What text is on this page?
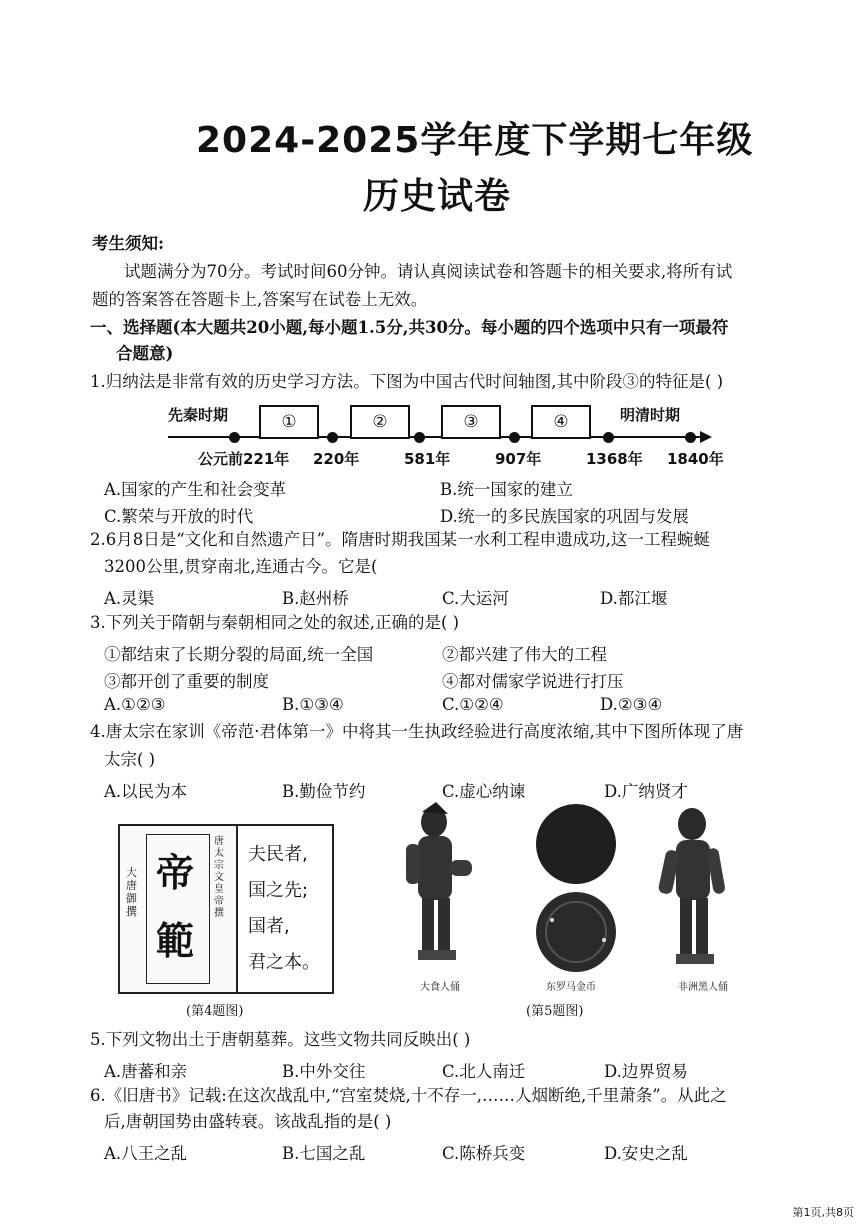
2024-2025学年度下学期七年级
历史试卷
考生须知:
试题满分为70分。考试时间60分钟。请认真阅读试卷和答题卡的相关要求,将所有试
题的答案答在答题卡上,答案写在试卷上无效。
一、选择题(本大题共20小题,每小题1.5分,共30分。每小题的四个选项中只有一项最符
合题意)
1.归纳法是非常有效的历史学习方法。下图为中国古代时间轴图,其中阶段③的特征是( )
先秦时期	明清时期
①	②	③	④
公元前221年 220年	581年	907年	1368年 1840年
A.国家的产生和社会变革	B.统一国家的建立
C.繁荣与开放的时代	D.统一的多民族国家的巩固与发展
2.6月8日是“文化和自然遗产日”。隋唐时期我国某一水利工程申遗成功,这一工程蜿蜒
3200公里,贯穿南北,连通古今。它是(
A.灵渠	B.赵州桥	C.大运河	D.都江堰
3.下列关于隋朝与秦朝相同之处的叙述,正确的是( )
①都结束了长期分裂的局面,统一全国	②都兴建了伟大的工程
③都开创了重要的制度	④都对儒家学说进行打压
A.①②③	B.①③④	C.①②④	D.②③④
4.唐太宗在家训《帝范·君体第一》中将其一生执政经验进行高度浓缩,其中下图所体现了唐
太宗( )
A.以民为本	B.勤俭节约	C.虚心纳谏	D.广纳贤才
帝
範
大唐御撰
唐太宗文皇帝撰
夫民者,
国之先;
国者,
君之本。
(第4题图)
大食人俑	东罗马金币	非洲黑人俑
(第5题图)
5.下列文物出土于唐朝墓葬。这些文物共同反映出( )
A.唐蕃和亲	B.中外交往	C.北人南迁	D.边界贸易
6.《旧唐书》记载:在这次战乱中,“宫室焚烧,十不存一,……人烟断绝,千里萧条”。从此之
后,唐朝国势由盛转衰。该战乱指的是( )
A.八王之乱	B.七国之乱	C.陈桥兵变	D.安史之乱
第1页,共8页
